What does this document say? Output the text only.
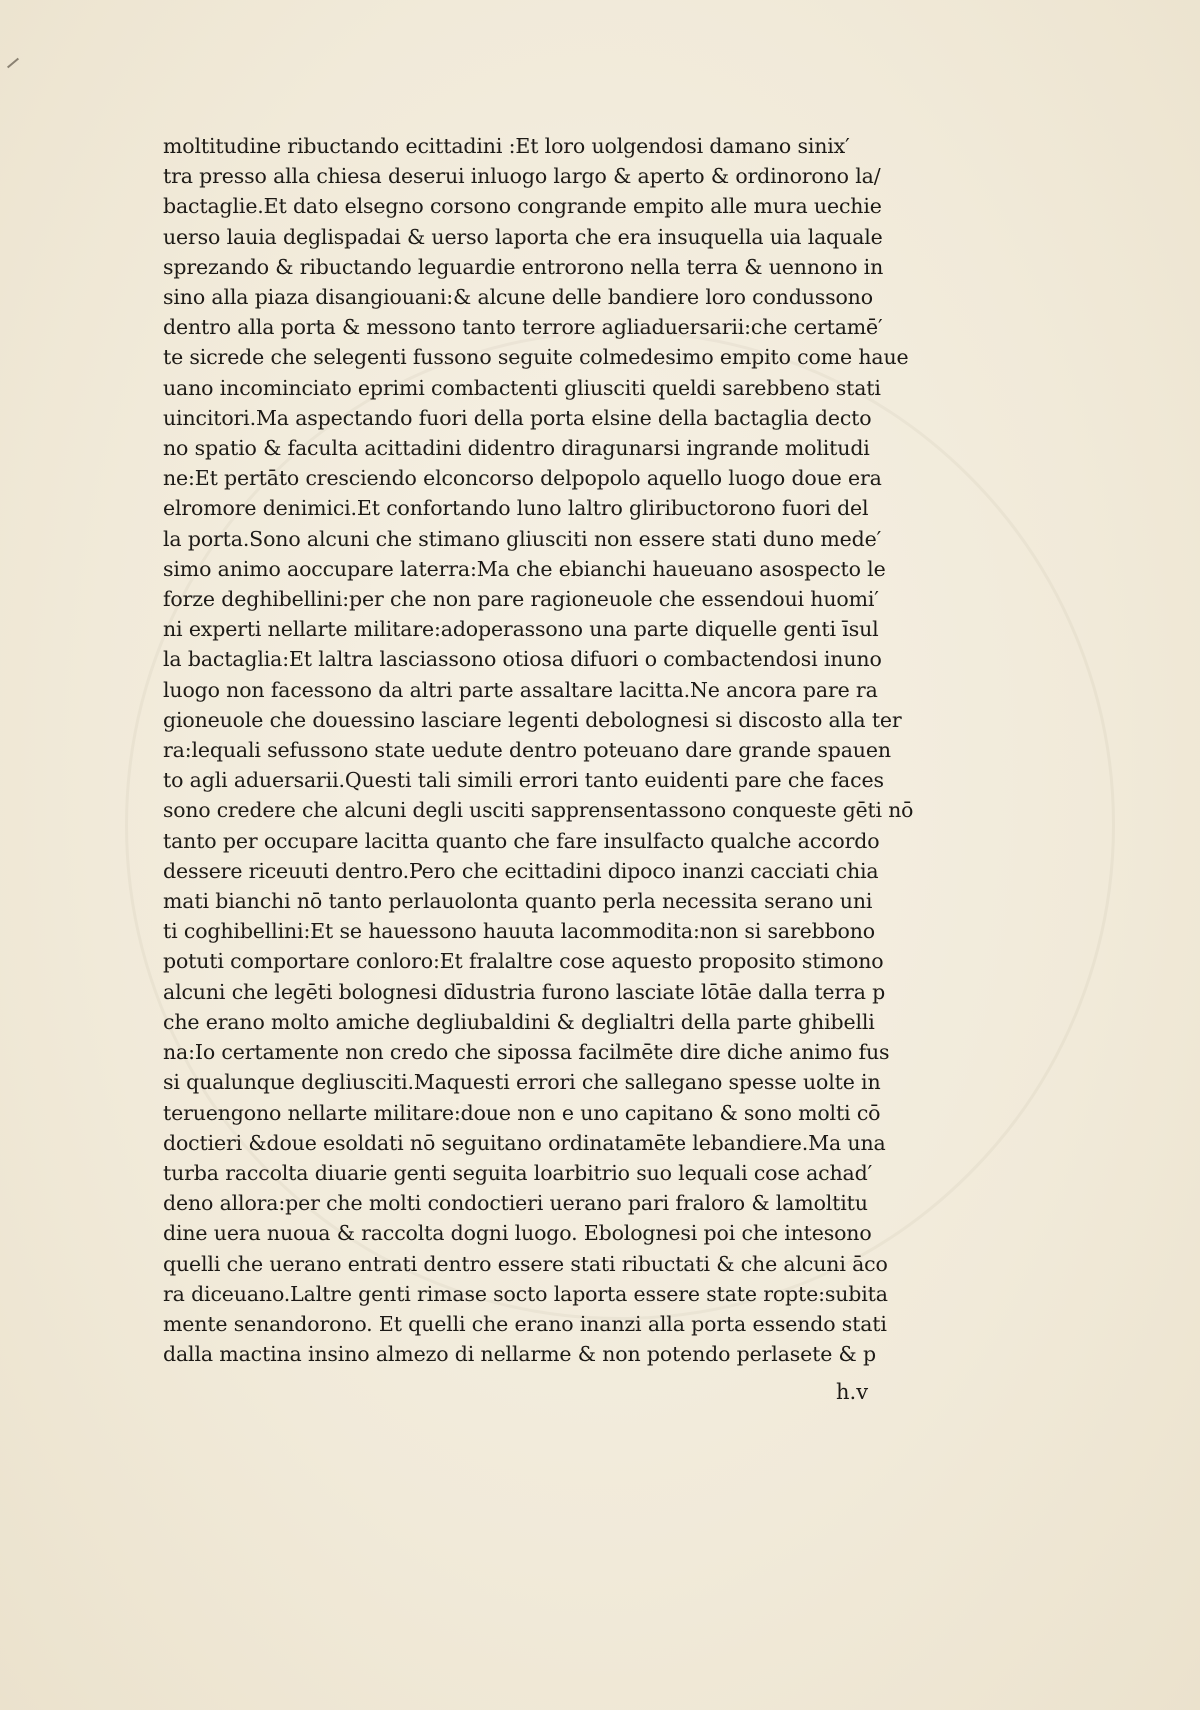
moltitudine ribuctando ecittadini :Et loro uolgendosi damano sinix′
tra presso alla chiesa deserui inluogo largo & aperto & ordinorono la/
bactaglie.Et dato elsegno corsono congrande empito alle mura uechie
uerso lauia deglispadai & uerso laporta che era insuquella uia laquale
sprezando & ribuctando leguardie entrorono nella terra & uennono in
sino alla piaza disangiouani:& alcune delle bandiere loro condussono
dentro alla porta & messono tanto terrore agliaduersarii:che certamē′
te sicrede che selegenti fussono seguite colmedesimo empito come haue
uano incominciato eprimi combactenti gliusciti queldi sarebbeno stati
uincitori.Ma aspectando fuori della porta elsine della bactaglia decto
no spatio & faculta acittadini didentro diragunarsi ingrande molitudi
ne:Et pertāto cresciendo elconcorso delpopolo aquello luogo doue era
elromore denimici.Et confortando luno laltro gliribuctorono fuori del
la porta.Sono alcuni che stimano gliusciti non essere stati duno mede′
simo animo aoccupare laterra:Ma che ebianchi haueuano asospecto le
forze deghibellini:per che non pare ragioneuole che essendoui huomi′
ni experti nellarte militare:adoperassono una parte diquelle genti īsul
la bactaglia:Et laltra lasciassono otiosa difuori o combactendosi inuno
luogo non facessono da altri parte assaltare lacitta.Ne ancora pare ra
gioneuole che douessino lasciare legenti debolognesi si discosto alla ter
ra:lequali sefussono state uedute dentro poteuano dare grande spauen
to agli aduersarii.Questi tali simili errori tanto euidenti pare che faces
sono credere che alcuni degli usciti sapprensentassono conqueste gēti nō
tanto per occupare lacitta quanto che fare insulfacto qualche accordo
dessere riceuuti dentro.Pero che ecittadini dipoco inanzi cacciati chia
mati bianchi nō tanto perlauolonta quanto perla necessita serano uni
ti coghibellini:Et se hauessono hauuta lacommodita:non si sarebbono
potuti comportare conloro:Et fralaltre cose aquesto proposito stimono
alcuni che legēti bolognesi dīdustria furono lasciate lōtāe dalla terra p
che erano molto amiche degliubaldini & deglialtri della parte ghibelli
na:Io certamente non credo che sipossa facilmēte dire diche animo fus
si qualunque degliusciti.Maquesti errori che sallegano spesse uolte in
teruengono nellarte militare:doue non e uno capitano & sono molti cō
doctieri &doue esoldati nō seguitano ordinatamēte lebandiere.Ma una
turba raccolta diuarie genti seguita loarbitrio suo lequali cose achad′
deno allora:per che molti condoctieri uerano pari fraloro & lamoltitu
dine uera nuoua & raccolta dogni luogo. Ebolognesi poi che intesono
quelli che uerano entrati dentro essere stati ribuctati & che alcuni āco
ra diceuano.Laltre genti rimase socto laporta essere state ropte:subita
mente senandorono. Et quelli che erano inanzi alla porta essendo stati
dalla mactina insino almezo di nellarme & non potendo perlasete & p
h.v
